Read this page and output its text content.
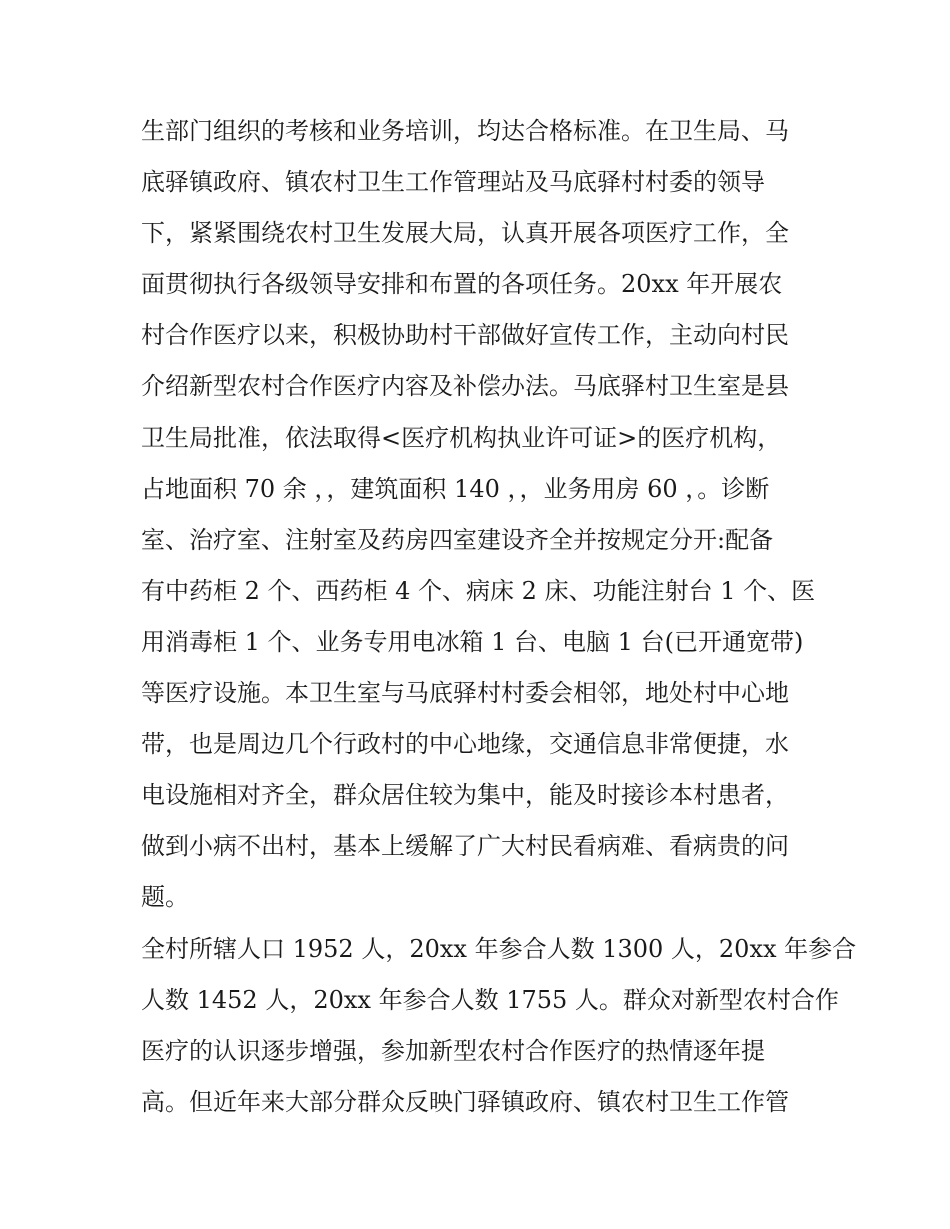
生部门组织的考核和业务培训，均达合格标准。在卫生局、马
底驿镇政府、镇农村卫生工作管理站及马底驿村村委的领导
下，紧紧围绕农村卫生发展大局，认真开展各项医疗工作，全
面贯彻执行各级领导安排和布置的各项任务。20xx 年开展农
村合作医疗以来，积极协助村干部做好宣传工作，主动向村民
介绍新型农村合作医疗内容及补偿办法。马底驿村卫生室是县
卫生局批准，依法取得<医疗机构执业许可证>的医疗机构，
占地面积 70 余 ，，建筑面积 140 ，，业务用房 60 ，。诊断
室、治疗室、注射室及药房四室建设齐全并按规定分开:配备
有中药柜 2 个、西药柜 4 个、病床 2 床、功能注射台 1 个、医
用消毒柜 1 个、业务专用电冰箱 1 台、电脑 1 台(已开通宽带)
等医疗设施。本卫生室与马底驿村村委会相邻，地处村中心地
带，也是周边几个行政村的中心地缘，交通信息非常便捷，水
电设施相对齐全，群众居住较为集中，能及时接诊本村患者，
做到小病不出村，基本上缓解了广大村民看病难、看病贵的问
题。
全村所辖人口 1952 人，20xx 年参合人数 1300 人，20xx 年参合
人数 1452 人，20xx 年参合人数 1755 人。群众对新型农村合作
医疗的认识逐步增强，参加新型农村合作医疗的热情逐年提
高。但近年来大部分群众反映门驿镇政府、镇农村卫生工作管
